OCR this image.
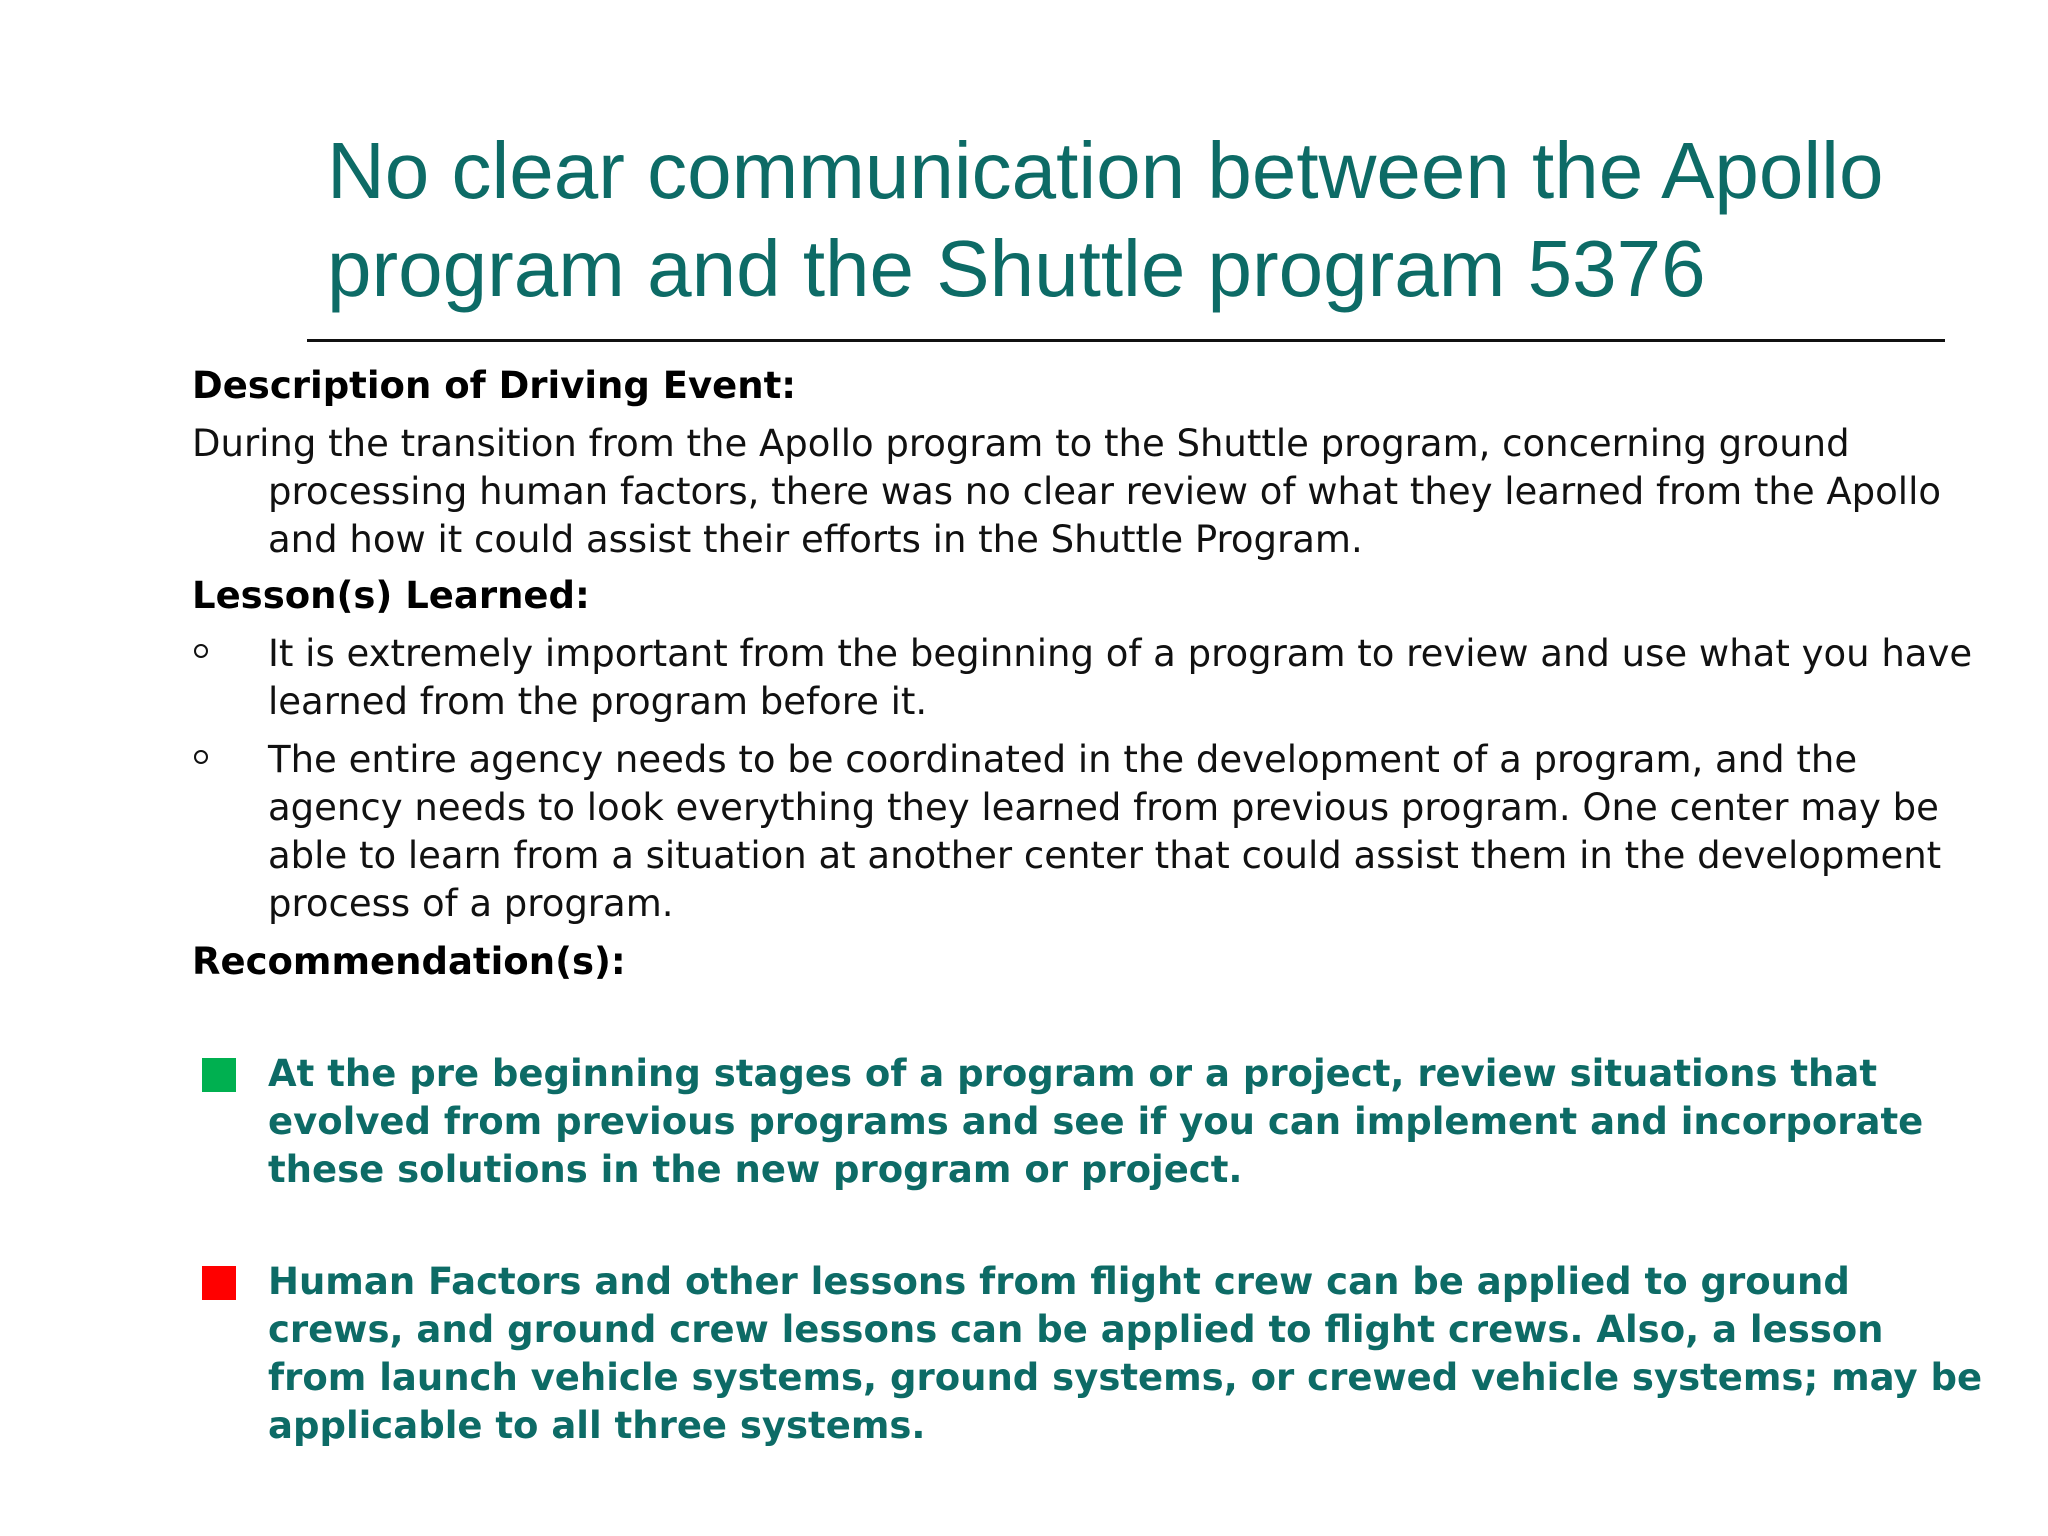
No clear communication between the Apollo
program and the Shuttle program 5376
Description of Driving Event:

During the transition from the Apollo program to the Shuttle program, concerning ground processing human factors, there was no clear review of what they learned from the Apollo and how it could assist their efforts in the Shuttle Program.

Lesson(s) Learned:
It is extremely important from the beginning of a program to review and use what you have learned from the program before it.
The entire agency needs to be coordinated in the development of a program, and the agency needs to look everything they learned from previous program. One center may be able to learn from a situation at another center that could assist them in the development process of a program.
Recommendation(s):
At the pre beginning stages of a program or a project, review situations that evolved from previous programs and see if you can implement and incorporate these solutions in the new program or project.
Human Factors and other lessons from flight crew can be applied to ground crews, and ground crew lessons can be applied to flight crews. Also, a lesson from launch vehicle systems, ground systems, or crewed vehicle systems; may be applicable to all three systems.
